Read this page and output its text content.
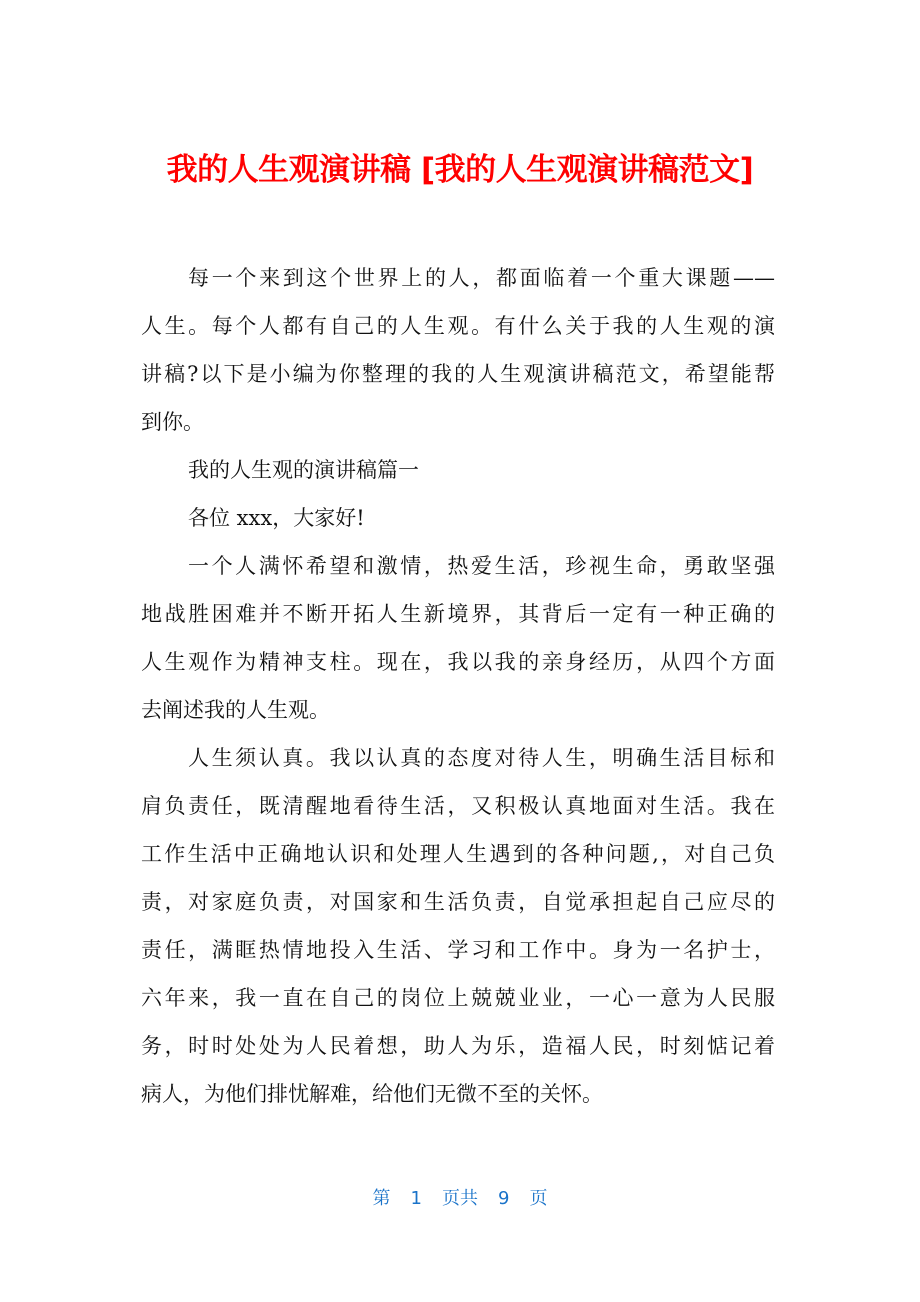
我的人生观演讲稿 [我的人生观演讲稿范文]
每一个来到这个世界上的人，都面临着一个重大课题——
人生。每个人都有自己的人生观。有什么关于我的人生观的演
讲稿?以下是小编为你整理的我的人生观演讲稿范文，希望能帮
到你。
我的人生观的演讲稿篇一
各位 xxx，大家好!
一个人满怀希望和激情，热爱生活，珍视生命，勇敢坚强
地战胜困难并不断开拓人生新境界，其背后一定有一种正确的
人生观作为精神支柱。现在，我以我的亲身经历，从四个方面
去阐述我的人生观。
人生须认真。我以认真的态度对待人生，明确生活目标和
肩负责任，既清醒地看待生活，又积极认真地面对生活。我在
工作生活中正确地认识和处理人生遇到的各种问题,，对自己负
责，对家庭负责，对国家和生活负责，自觉承担起自己应尽的
责任，满眶热情地投入生活、学习和工作中。身为一名护士，
六年来，我一直在自己的岗位上兢兢业业，一心一意为人民服
务，时时处处为人民着想，助人为乐，造福人民，时刻惦记着
病人，为他们排忧解难，给他们无微不至的关怀。
第 1 页共 9 页
